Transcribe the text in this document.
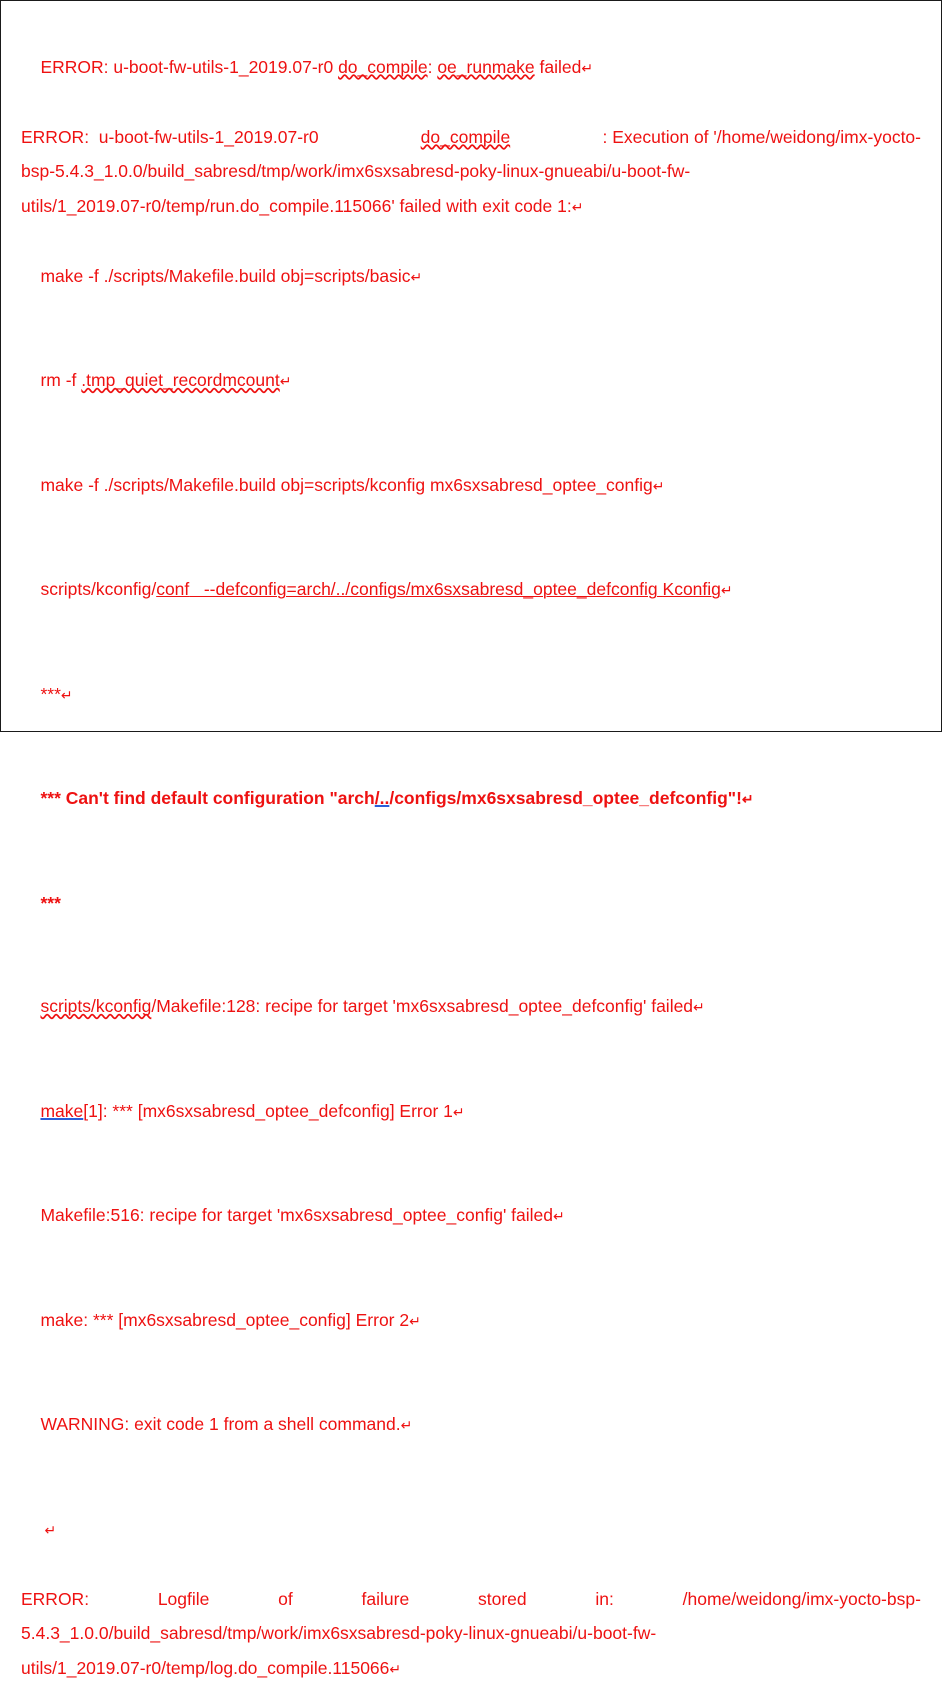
ERROR: u-boot-fw-utils-1_2019.07-r0 do_compile: oe_runmake failed↵

ERROR:  u-boot-fw-utils-1_2019.07-r0	do_compile	: Execution of '/home/weidong/imx-yocto-
bsp-5.4.3_1.0.0/build_sabresd/tmp/work/imx6sxsabresd-poky-linux-gnueabi/u-boot-fw-
utils/1_2019.07-r0/temp/run.do_compile.115066' failed with exit code 1:↵

make -f ./scripts/Makefile.build obj=scripts/basic↵

rm -f .tmp_quiet_recordmcount↵

make -f ./scripts/Makefile.build obj=scripts/kconfig mx6sxsabresd_optee_config↵

scripts/kconfig/conf   --defconfig=arch/../configs/mx6sxsabresd_optee_defconfig Kconfig↵

***↵

*** Can't find default configuration "arch/../configs/mx6sxsabresd_optee_defconfig"!↵

***

scripts/kconfig/Makefile:128: recipe for target 'mx6sxsabresd_optee_defconfig' failed↵

make[1]: *** [mx6sxsabresd_optee_defconfig] Error 1↵

Makefile:516: recipe for target 'mx6sxsabresd_optee_config' failed↵

make: *** [mx6sxsabresd_optee_config] Error 2↵

WARNING: exit code 1 from a shell command.↵

↵

ERROR:	Logfile	of	failure	stored	in:	/home/weidong/imx-yocto-bsp-
5.4.3_1.0.0/build_sabresd/tmp/work/imx6sxsabresd-poky-linux-gnueabi/u-boot-fw-
utils/1_2019.07-r0/temp/log.do_compile.115066↵
